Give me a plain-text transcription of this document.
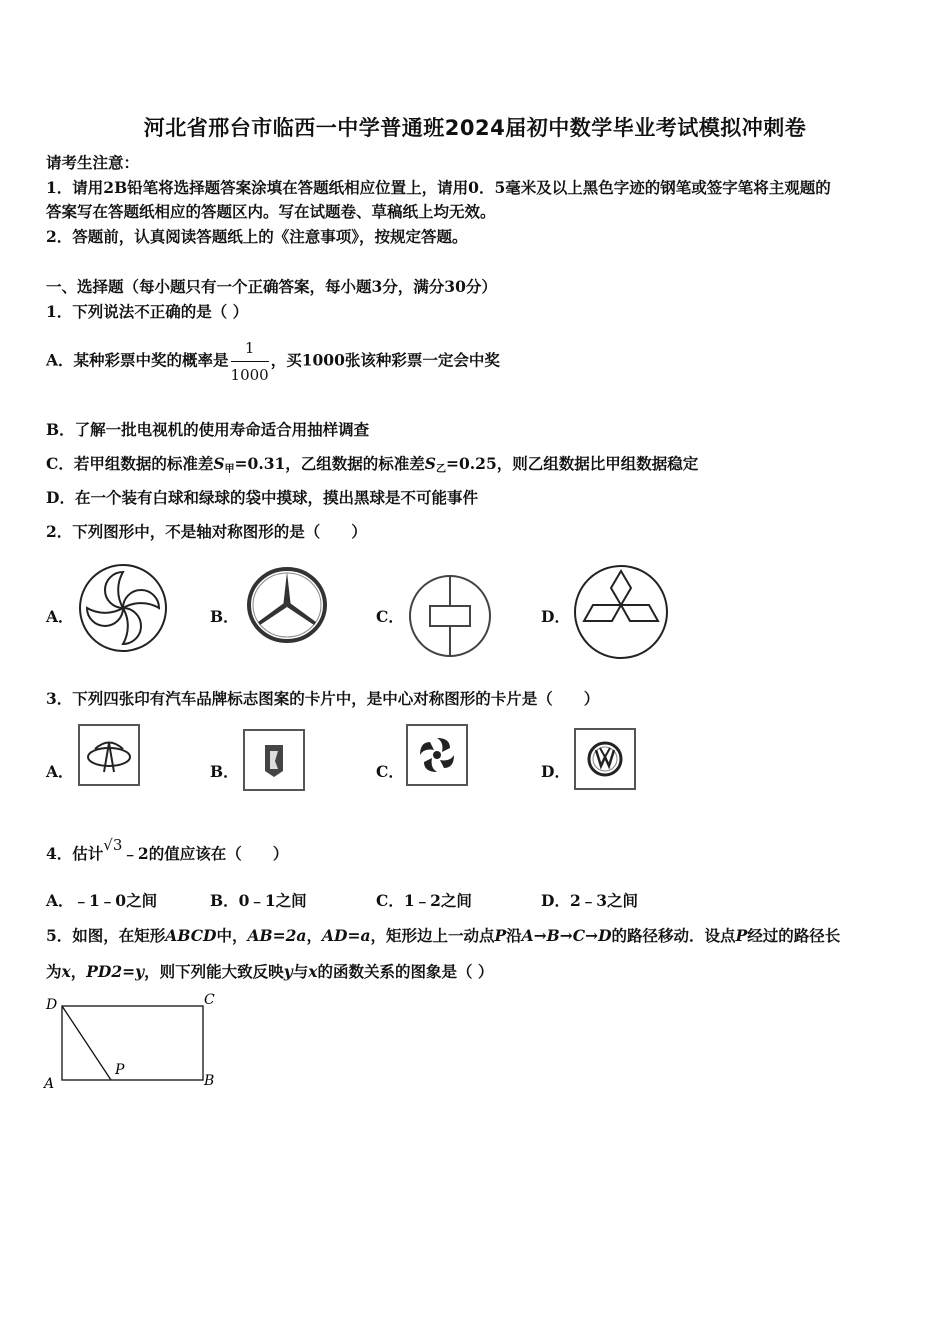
河北省邢台市临西一中学普通班2024届初中数学毕业考试模拟冲刺卷
请考生注意：
1．请用2B铅笔将选择题答案涂填在答题纸相应位置上，请用0．5毫米及以上黑色字迹的钢笔或签字笔将主观题的
答案写在答题纸相应的答题区内。写在试题卷、草稿纸上均无效。
2．答题前，认真阅读答题纸上的《注意事项》，按规定答题。
一、选择题（每小题只有一个正确答案，每小题3分，满分30分）
1．下列说法不正确的是（ ）
A．某种彩票中奖的概率是 $\frac{1}{1000}$ ，买1000张该种彩票一定会中奖
B．了解一批电视机的使用寿命适合用抽样调查
C．若甲组数据的标准差$S_甲=0.31$，乙组数据的标准差$S_乙=0.25$，则乙组数据比甲组数据稳定
D．在一个装有白球和绿球的袋中摸球，摸出黑球是不可能事件
2．下列图形中，不是轴对称图形的是（　　）
A．	B．	C．	D．
3．下列四张印有汽车品牌标志图案的卡片中，是中心对称图形的卡片是（　　）
A．	B．	C．	D．
4．估计√3﹣2的值应该在（　　）
A．﹣1﹣0之间	B．0﹣1之间	C．1﹣2之间	D．2﹣3之间
5．如图，在矩形ABCD中，AB=2a，AD=a，矩形边上一动点P沿A→B→C→D的路径移动．设点P经过的路径长
为x，PD2=y，则下列能大致反映y与x的函数关系的图象是（ ）
D	C
A	B
P
